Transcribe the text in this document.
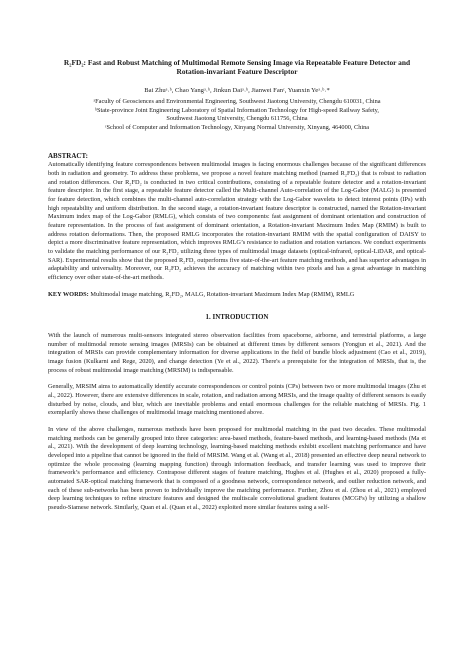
R₂FD₂: Fast and Robust Matching of Multimodal Remote Sensing Image via Repeatable Feature Detector and
Rotation-invariant Feature Descriptor
Bai Zhuᵃ˒ᵇ, Chao Yangᵃ˒ᵇ, Jinkun Daiᵃ˒ᵇ, Jianwei Fanᶜ, Yuanxin Yeᵃ˒ᵇ˒*
ᵃFaculty of Geosciences and Environmental Engineering, Southwest Jiaotong University, Chengdu 610031, China
ᵇState-province Joint Engineering Laboratory of Spatial Information Technology for High-speed Railway Safety,
Southwest Jiaotong University, Chengdu 611756, China
ᶜSchool of Computer and Information Technology, Xinyang Normal University, Xinyang, 464000, China
ABSTRACT:

Automatically identifying feature correspondences between multimodal images is facing enormous challenges because of the significant differences both in radiation and geometry. To address these problems, we propose a novel feature matching method (named R₂FD₂) that is robust to radiation and rotation differences. Our R₂FD₂ is conducted in two critical contributions, consisting of a repeatable feature detector and a rotation-invariant feature descriptor. In the first stage, a repeatable feature detector called the Multi-channel Auto-correlation of the Log-Gabor (MALG) is presented for feature detection, which combines the multi-channel auto-correlation strategy with the Log-Gabor wavelets to detect interest points (IPs) with high repeatability and uniform distribution. In the second stage, a rotation-invariant feature descriptor is constructed, named the Rotation-invariant Maximum index map of the Log-Gabor (RMLG), which consists of two components: fast assignment of dominant orientation and construction of feature representation. In the process of fast assignment of dominant orientation, a Rotation-invariant Maximum Index Map (RMIM) is built to address rotation deformations. Then, the proposed RMLG incorporates the rotation-invariant RMIM with the spatial configuration of DAISY to depict a more discriminative feature representation, which improves RMLG’s resistance to radiation and rotation variances. We conduct experiments to validate the matching performance of our R₂FD₂ utilizing three types of multimodal image datasets (optical-infrared, optical-LiDAR, and optical-SAR). Experimental results show that the proposed R₂FD₂ outperforms five state-of-the-art feature matching methods, and has superior advantages in adaptability and universality. Moreover, our R₂FD₂ achieves the accuracy of matching within two pixels and has a great advantage in matching efficiency over other state-of-the-art methods.

KEY WORDS: Multimodal image matching, R₂FD₂, MALG, Rotation-invariant Maximum Index Map (RMIM), RMLG
1. INTRODUCTION

With the launch of numerous multi-sensors integrated stereo observation facilities from spaceborne, airborne, and terrestrial platforms, a large number of multimodal remote sensing images (MRSIs) can be obtained at different times by different sensors (Yongjun et al., 2021). And the integration of MRSIs can provide complementary information for diverse applications in the field of bundle block adjustment (Cao et al., 2019), image fusion (Kulkarni and Rege, 2020), and change detection (Ye et al., 2022). There's a prerequisite for the integration of MRSIs, that is, the process of robust multimodal image matching (MRSIM) is indispensable.

Generally, MRSIM aims to automatically identify accurate correspondences or control points (CPs) between two or more multimodal images (Zhu et al., 2022). However, there are extensive differences in scale, rotation, and radiation among MRSIs, and the image quality of different sensors is easily disturbed by noise, clouds, and blur, which are inevitable problems and entail enormous challenges for the reliable matching of MRSIs. Fig. 1 exemplarily shows these challenges of multimodal image matching mentioned above.

In view of the above challenges, numerous methods have been proposed for multimodal matching in the past two decades. These multimodal matching methods can be generally grouped into three categories: area-based methods, feature-based methods, and learning-based methods (Ma et al., 2021). With the development of deep learning technology, learning-based matching methods exhibit excellent matching performance and have developed into a pipeline that cannot be ignored in the field of MRSIM. Wang et al. (Wang et al., 2018) presented an effective deep neural network to optimize the whole processing (learning mapping function) through information feedback, and transfer learning was used to improve their framework’s performance and efficiency. Contrapose different stages of feature matching, Hughes et al. (Hughes et al., 2020) proposed a fully-automated SAR-optical matching framework that is composed of a goodness network, correspondence network, and outlier reduction network, and each of these sub-networks has been proven to individually improve the matching performance. Further, Zhou et al. (Zhou et al., 2021) employed deep learning techniques to refine structure features and designed the multiscale convolutional gradient features (MCGFs) by utilizing a shallow pseudo-Siamese network. Similarly, Quan et al. (Quan et al., 2022) exploited more similar features using a self-
